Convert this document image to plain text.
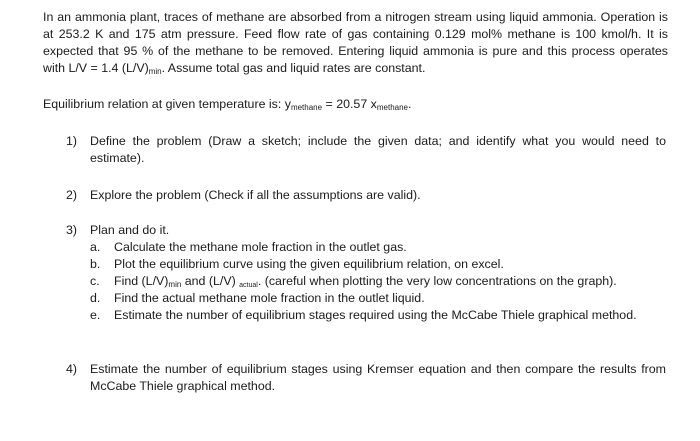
In an ammonia plant, traces of methane are absorbed from a nitrogen stream using liquid ammonia. Operation is at 253.2 K and 175 atm pressure. Feed flow rate of gas containing 0.129 mol% methane is 100 kmol/h. It is expected that 95 % of the methane to be removed. Entering liquid ammonia is pure and this process operates with L/V = 1.4 $(L/V)_{min}$. Assume total gas and liquid rates are constant.

Equilibrium relation at given temperature is: $y_{methane} = 20.57$ $x_{methane}$.
1)	Define the problem (Draw a sketch; include the given data; and identify what you would need to estimate).
2)	Explore the problem (Check if all the assumptions are valid).
3)	Plan and do it.
a. Calculate the methane mole fraction in the outlet gas.
b. Plot the equilibrium curve using the given equilibrium relation, on excel.
c. Find $(L/V)_{min}$ and (L/V) $_{actual}$. (careful when plotting the very low concentrations on the graph).
d. Find the actual methane mole fraction in the outlet liquid.
e. Estimate the number of equilibrium stages required using the McCabe Thiele graphical method.
4)	Estimate the number of equilibrium stages using Kremser equation and then compare the results from McCabe Thiele graphical method.
